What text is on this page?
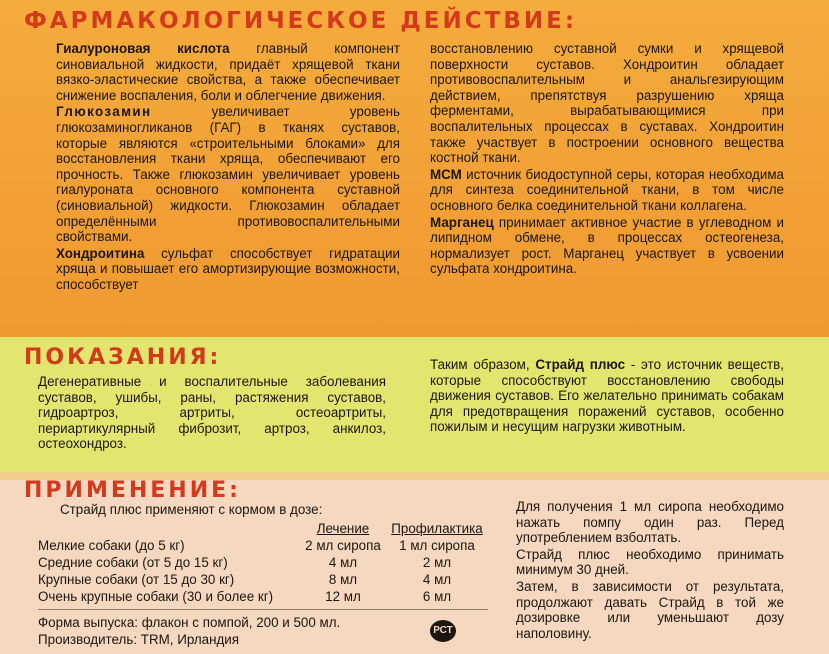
ФАРМАКОЛОГИЧЕСКОЕ ДЕЙСТВИЕ:

Гиалуроновая кислота главный компонент синовиальной жидкости, придаёт хрящевой ткани вязко-эластические свойства, а также обеспечивает снижение воспаления, боли и облегчение движения.

Глюкозамин увеличивает уровень глюкозаминогликанов (ГАГ) в тканях суставов, которые являются «строительными блоками» для восстановления ткани хряща, обеспечивают его прочность. Также глюкозамин увеличивает уровень гиалуроната основного компонента суставной (синовиальной) жидкости. Глюкозамин обладает определёнными противовоспалительными свойствами.

Хондроитина сульфат способствует гидратации хряща и повышает его амортизирующие возможности, способствует

восстановлению суставной сумки и хрящевой поверхности суставов. Хондроитин обладает противовоспалительным и анальгезирующим действием, препятствуя разрушению хряща ферментами, вырабатывающимися при воспалительных процессах в суставах. Хондроитин также участвует в построении основного вещества костной ткани.

МСМ источник биодоступной серы, которая необходима для синтеза соединительной ткани, в том числе основного белка соединительной ткани коллагена.

Марганец принимает активное участие в углеводном и липидном обмене, в процессах остеогенеза, нормализует рост. Марганец участвует в усвоении сульфата хондроитина.

ПОКАЗАНИЯ:

Дегенеративные и воспалительные заболевания суставов, ушибы, раны, растяжения суставов, гидроартроз, артриты, остеоартриты, периартикулярный фиброзит, артроз, анкилоз, остеохондроз.

Таким образом, Страйд плюс - это источник веществ, которые способствуют восстановлению свободы движения суставов. Его желательно принимать собакам для предотвращения поражений суставов, особенно пожилым и несущим нагрузки животным.

ПРИМЕНЕНИЕ:

Страйд плюс применяют с кормом в дозе:

	Лечение	Профилактика
Мелкие собаки (до 5 кг)	2 мл сиропа	1 мл сиропа
Средние собаки (от 5 до 15 кг)	4 мл	2 мл
Крупные собаки (от 15 до 30 кг)	8 мл	4 мл
Очень крупные собаки (30 и более кг)	12 мл	6 мл

Форма выпуска: флакон с помпой, 200 и 500 мл.
Производитель: TRM, Ирландия

РСТ

Для получения 1 мл сиропа необходимо нажать помпу один раз. Перед употреблением взболтать.

Страйд плюс необходимо принимать минимум 30 дней.

Затем, в зависимости от результата, продолжают давать Страйд в той же дозировке или уменьшают дозу наполовину.
